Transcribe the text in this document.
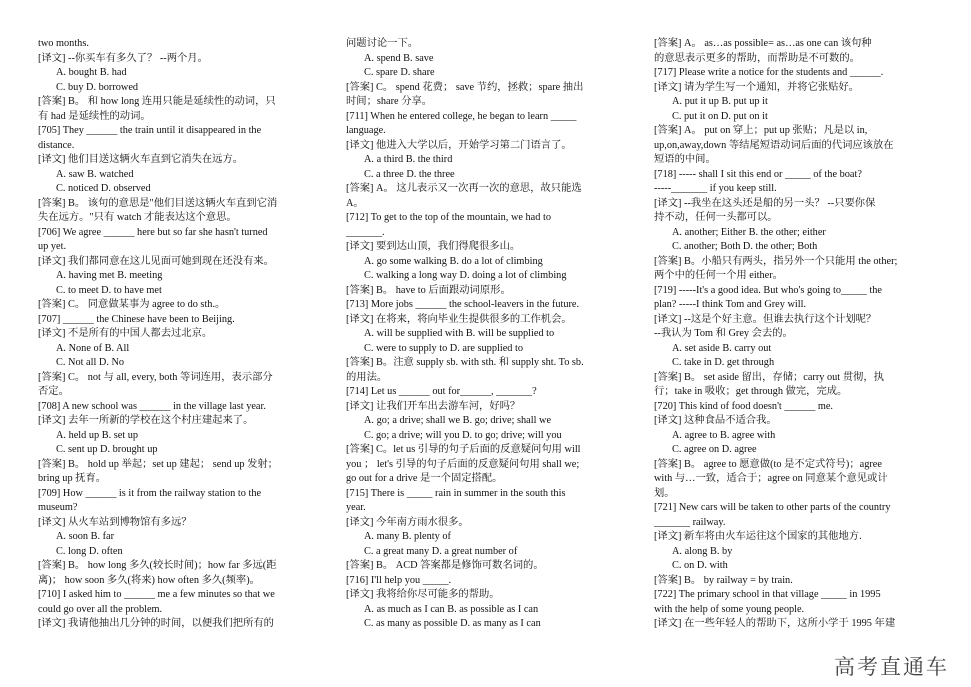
two months.
[译文] --你买车有多久了？ --两个月。
A. bought B. had
C. buy D. borrowed
[答案] B。 和 how long 连用只能是延续性的动词，只
有 had 是延续性的动词。
[705] They ______ the train until it disappeared in the
distance.
[译文] 他们目送这辆火车直到它消失在远方。
A. saw B. watched
C. noticed D. observed
[答案] B。 该句的意思是"他们目送这辆火车直到它消
失在远方。"只有 watch 才能表达这个意思。
[706] We agree ______ here but so far she hasn't turned
up yet.
[译文] 我们都同意在这儿见面可她到现在还没有来。
A. having met B. meeting
C. to meet D. to have met
[答案] C。 同意做某事为 agree to do sth.。
[707] ______ the Chinese have been to Beijing.
[译文] 不是所有的中国人都去过北京。
A. None of B. All
C. Not all D. No
[答案] C。 not 与 all, every, both 等词连用，表示部分
否定。
[708] A new school was ______ in the village last year.
[译文] 去年一所新的学校在这个村庄建起来了。
A. held up B. set up
C. sent up D. brought up
[答案] B。 hold up 举起；set up 建起； send up 发射；
bring up 抚育。
[709] How ______ is it from the railway station to the
museum?
[译文] 从火车站到博物馆有多远？
A. soon B. far
C. long D. often
[答案] B。 how long 多久(较长时间)；how far 多远(距
离)； how soon 多久(将来) how often 多久(频率)。
[710] I asked him to ______ me a few minutes so that we
could go over all the problem.
[译文] 我请他抽出几分钟的时间，以便我们把所有的
问题讨论一下。
A. spend B. save
C. spare D. share
[答案] C。 spend 花费； save 节约，拯救；spare 抽出
时间；share 分享。
[711] When he entered college, he began to learn _____
language.
[译文] 他进入大学以后，开始学习第二门语言了。
A. a third B. the third
C. a three D. the three
[答案] A。 这儿表示又一次再一次的意思，故只能选
A。
[712] To get to the top of the mountain, we had to
_______.
[译文] 要到达山顶，我们得爬很多山。
A. go some walking B. do a lot of climbing
C. walking a long way D. doing a lot of climbing
[答案] B。 have to 后面跟动词原形。
[713] More jobs ______ the school-leavers in the future.
[译文] 在将来，将向毕业生提供很多的工作机会。
A. will be supplied with B. will be supplied to
C. were to supply to D. are supplied to
[答案] B。注意 supply sb. with sth. 和 supply sht. To sb.
的用法。
[714] Let us ______ out for______, _______?
[译文] 让我们开车出去游车河，好吗？
A. go; a drive; shall we B. go; drive; shall we
C. go; a drive; will you D. to go; drive; will you
[答案] C。let us 引导的句子后面的反意疑问句用 will
you ； let's 引导的句子后面的反意疑问句用 shall we;
go out for a drive 是一个固定搭配。
[715] There is _____ rain in summer in the south this
year.
[译文] 今年南方雨水很多。
A. many B. plenty of
C. a great many D. a great number of
[答案] B。 ACD 答案都是修饰可数名词的。
[716] I'll help you _____.
[译文] 我将给你尽可能多的帮助。
A. as much as I can B. as possible as I can
C. as many as possible D. as many as I can
[答案] A。 as…as possible= as…as one can 该句种
的意思表示更多的帮助，而帮助是不可数的。
[717] Please write a notice for the students and ______.
[译文] 请为学生写一个通知，并将它张贴好。
A. put it up B. put up it
C. put it on D. put on it
[答案] A。 put on 穿上；put up 张贴；凡是以 in,
up,on,away,down 等结尾短语动词后面的代词应该放在
短语的中间。
[718] ----- shall I sit this end or _____ of the boat?
-----_______ if you keep still.
[译文] --我坐在这头还是船的另一头？ --只要你保
持不动，任何一头都可以。
A. another; Either B. the other; either
C. another; Both D. the other; Both
[答案] B。小船只有两头，指另外一个只能用 the other;
两个中的任何一个用 either。
[719] -----It's a good idea. But who's going to_____ the
plan? -----I think Tom and Grey will.
[译文] --这是个好主意。但谁去执行这个计划呢？
--我认为 Tom 和 Grey 会去的。
A. set aside B. carry out
C. take in D. get through
[答案] B。 set aside 留出，存储；carry out 贯彻，执
行；take in 吸收；get through 做完，完成。
[720] This kind of food doesn't ______ me.
[译文] 这种食品不适合我。
A. agree to B. agree with
C. agree on D. agree
[答案] B。 agree to 愿意做(to 是不定式符号)；agree
with 与…一致，适合于；agree on 同意某个意见或计
划。
[721] New cars will be taken to other parts of the country
_______ railway.
[译文] 新车将由火车运往这个国家的其他地方.
A. along B. by
C. on D. with
[答案] B。 by railway = by train.
[722] The primary school in that village _____ in 1995
with the help of some young people.
[译文] 在一些年轻人的帮助下，这所小学于 1995 年建
高考直通车
